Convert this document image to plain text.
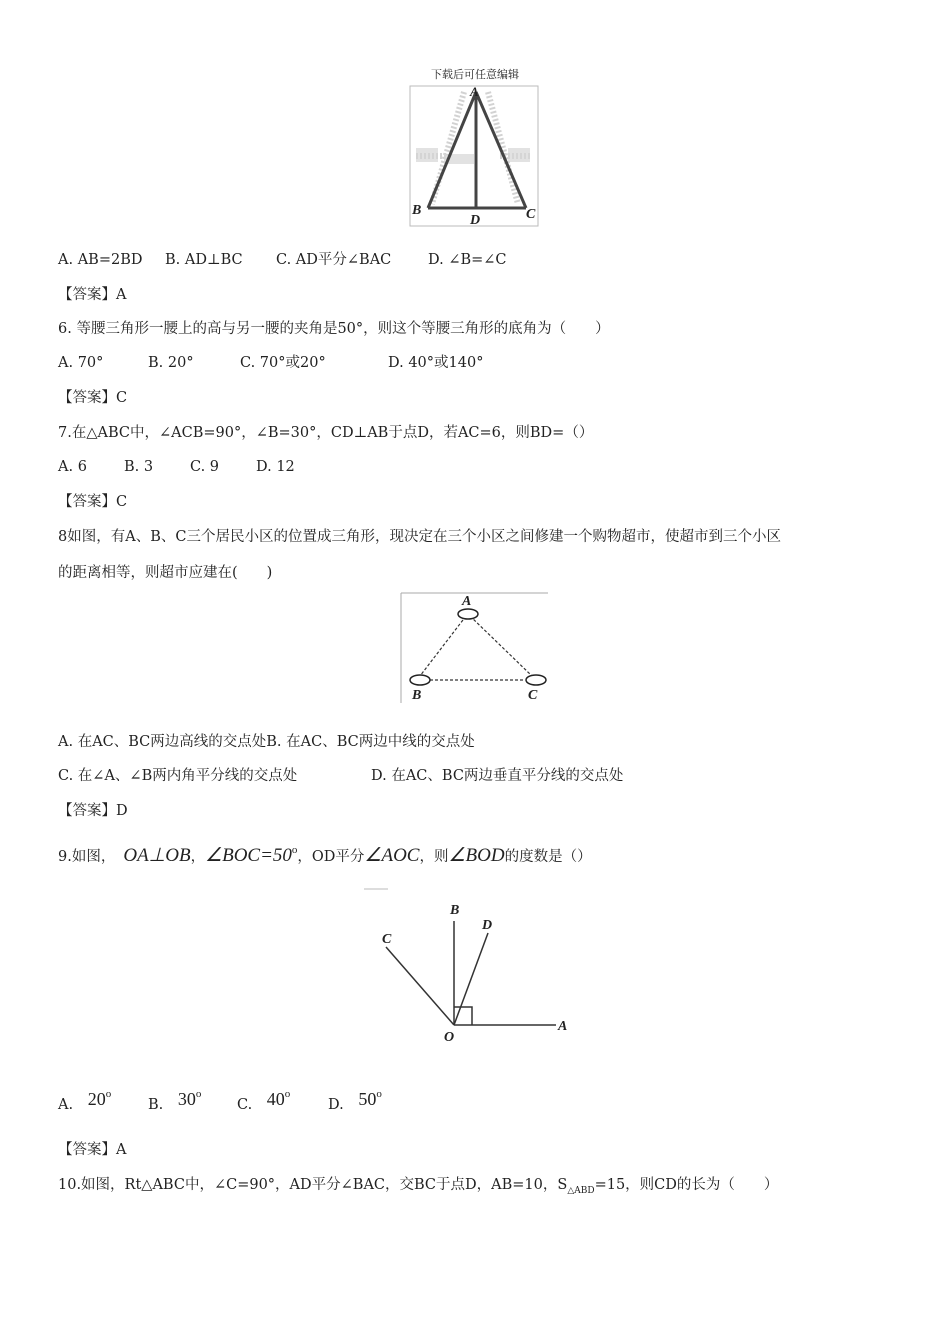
下载后可任意编辑
A
B	C
D
A. AB=2BD B. AD⊥BC C. AD平分∠BAC	D. ∠B=∠C
【答案】A
6. 等腰三角形一腰上的高与另一腰的夹角是50°，则这个等腰三角形的底角为（　　）
A. 70°	B. 20°	C. 70°或20°	D. 40°或140°
【答案】C
7.在△ABC中，∠ACB=90°，∠B=30°，CD⊥AB于点D，若AC=6，则BD=（）
A. 6	B. 3	C. 9	D. 12
【答案】C
8如图，有A、B、C三个居民小区的位置成三角形，现决定在三个小区之间修建一个购物超市，使超市到三个小区
的距离相等，则超市应建在(　　)
A
B	C
A. 在AC、BC两边高线的交点处B. 在AC、BC两边中线的交点处
C. 在∠A、∠B两内角平分线的交点处	D. 在AC、BC两边垂直平分线的交点处
【答案】D
9.如图， OA⊥OB，$\angle BOC=50^o$，OD平分∠AOC，则∠BOD的度数是（）
B
C
D
O
A
A. 20$^o$
B. 30$^o$
C. 40$^o$
D. 50$^o$
【答案】A
10.如图，Rt△ABC中，∠C=90°，AD平分∠BAC，交BC于点D，AB=10，$S_{\triangle ABD}=15$，则CD的长为（　　）
